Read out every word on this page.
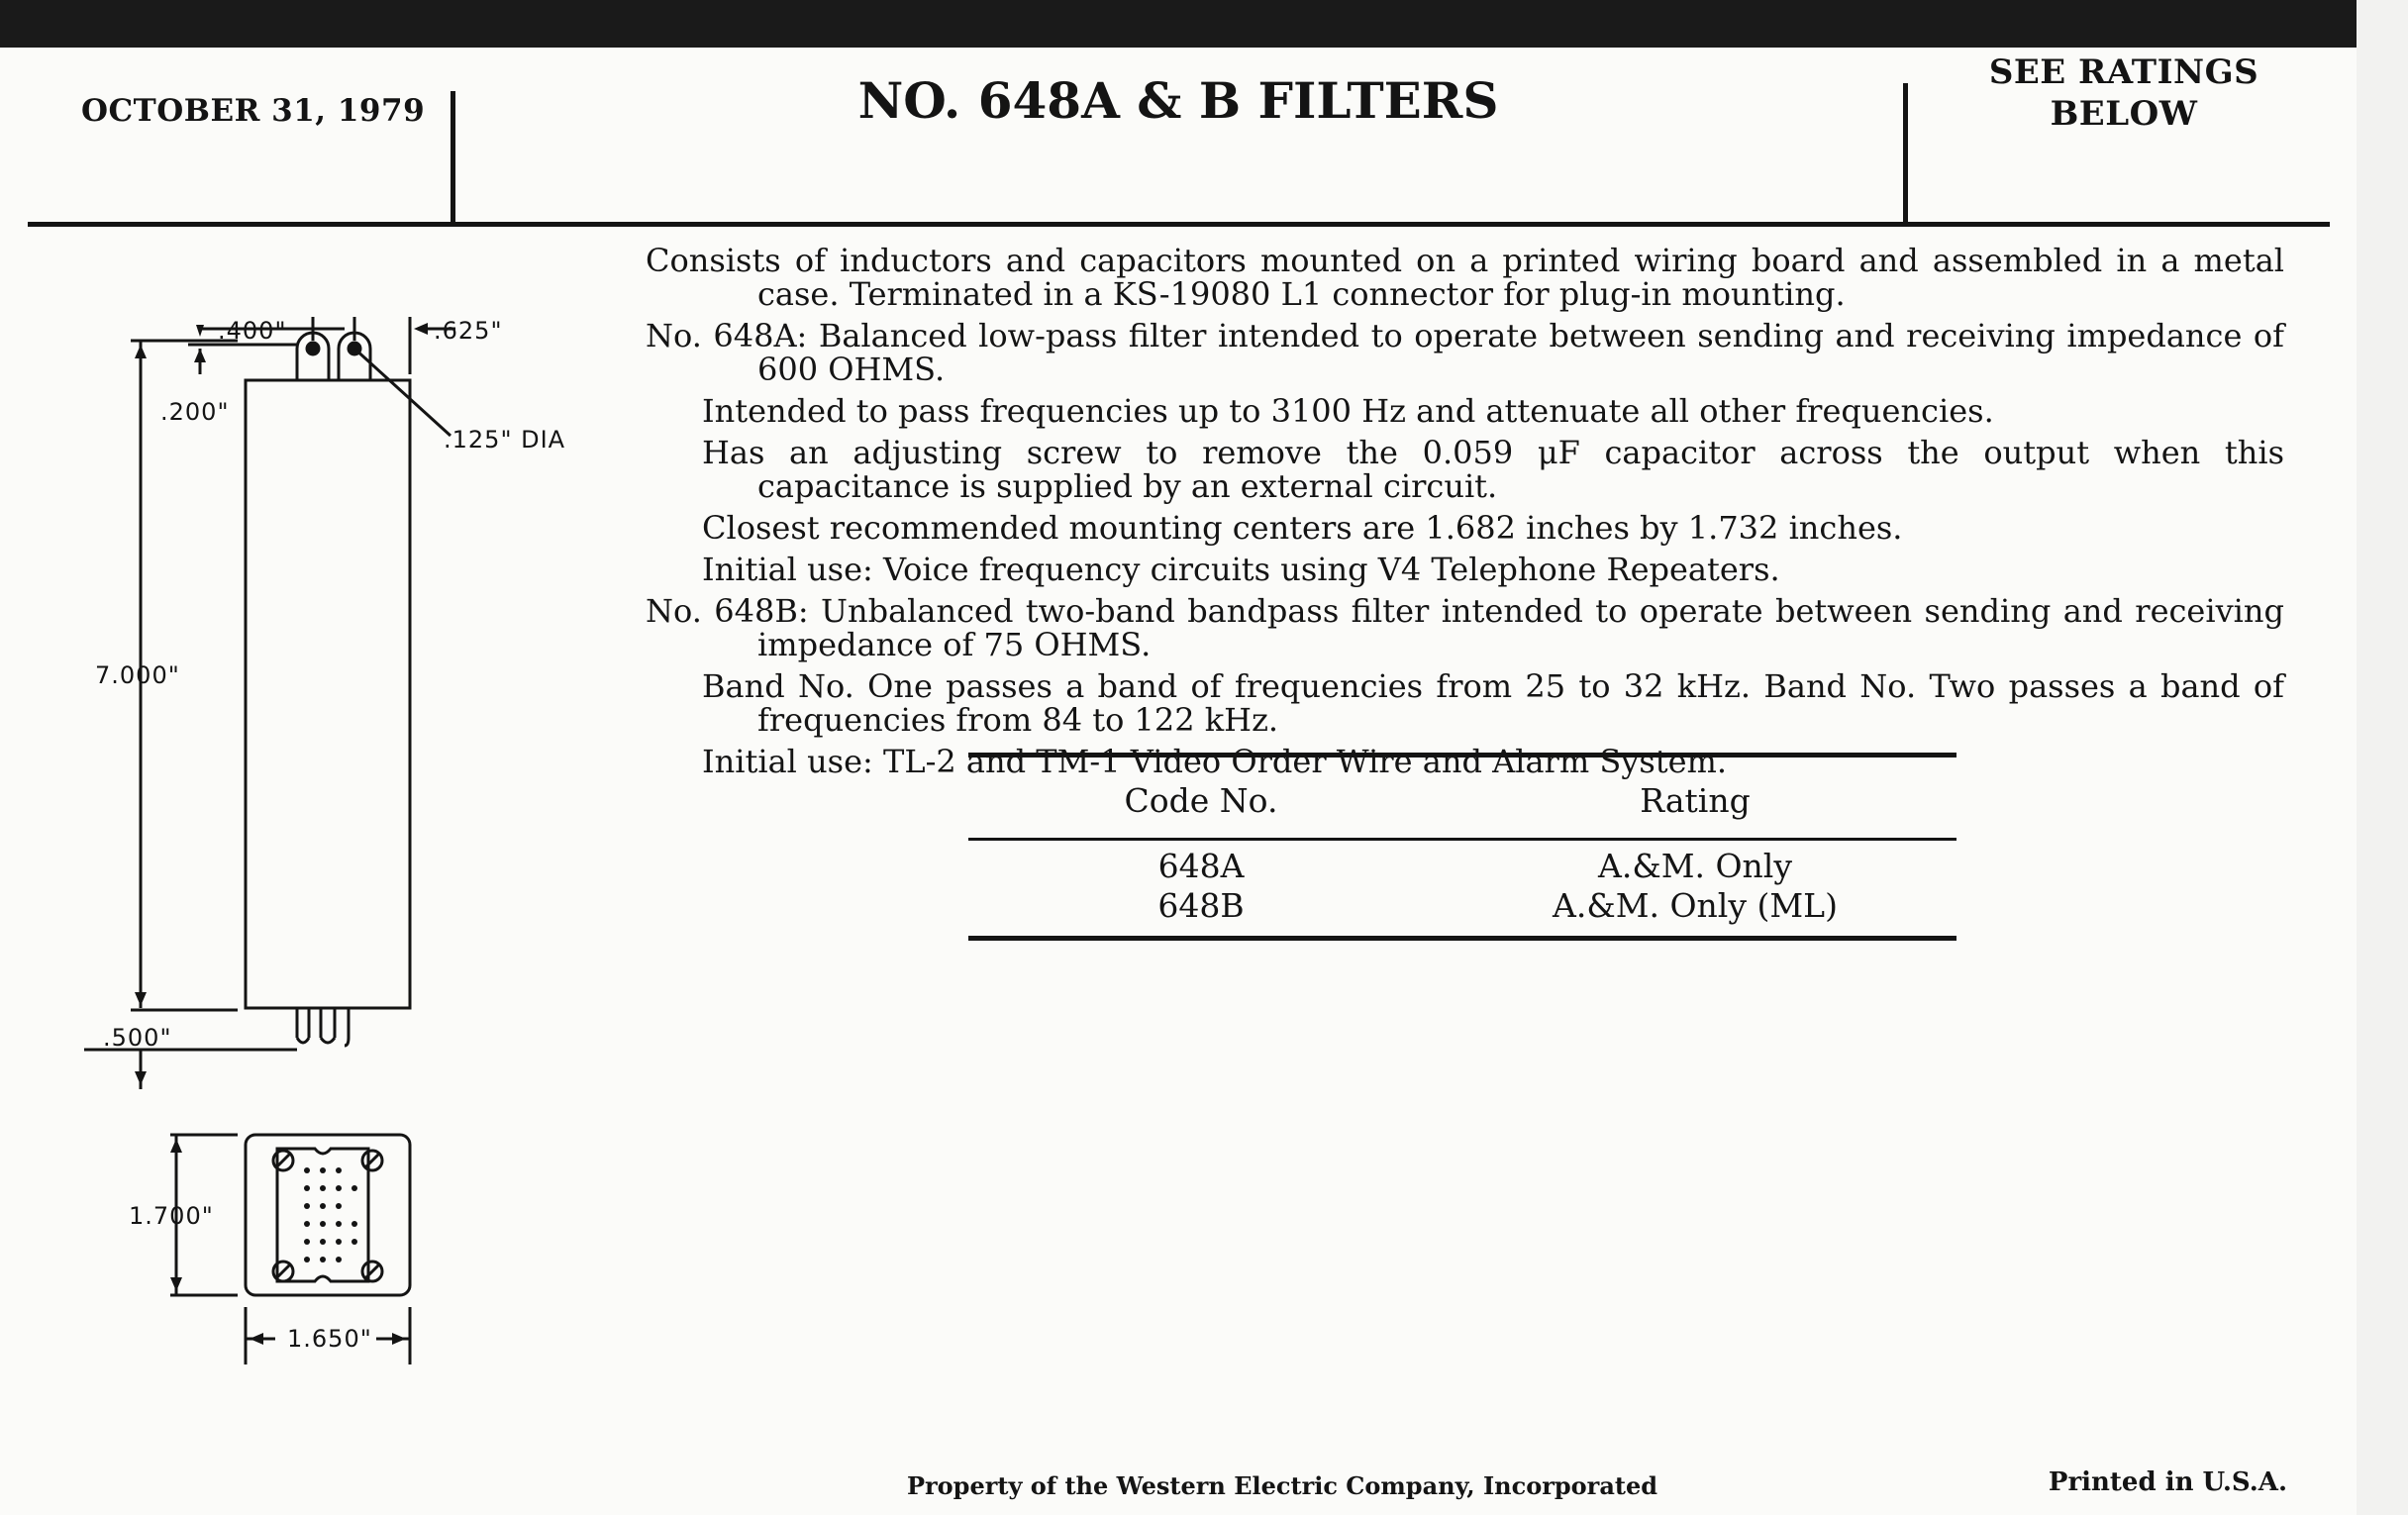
OCTOBER 31, 1979	NO. 648A & B FILTERS	SEE RATINGS
BELOW
.400"	.625"
.200"
.125" DIA
7.000"
.500"
1.700"
1.650"
Consists of inductors and capacitors mounted on a printed wiring board and assembled in a metal case. Terminated in a KS-19080 L1 connector for plug-in mounting.
No. 648A: Balanced low-pass filter intended to operate between sending and receiving impedance of 600 OHMS.
Intended to pass frequencies up to 3100 Hz and attenuate all other frequencies.
Has an adjusting screw to remove the 0.059 μF capacitor across the output when this capacitance is supplied by an external circuit.
Closest recommended mounting centers are 1.682 inches by 1.732 inches.
Initial use: Voice frequency circuits using V4 Telephone Repeaters.
No. 648B: Unbalanced two-band bandpass filter intended to operate between sending and receiving impedance of 75 OHMS.
Band No. One passes a band of frequencies from 25 to 32 kHz. Band No. Two passes a band of frequencies from 84 to 122 kHz.
Initial use: TL-2 and TM-1 Video Order Wire and Alarm System.
Code No.	Rating
648A	A.&M. Only
648B	A.&M. Only (ML)
Property of the Western Electric Company, Incorporated	Printed in U.S.A.
